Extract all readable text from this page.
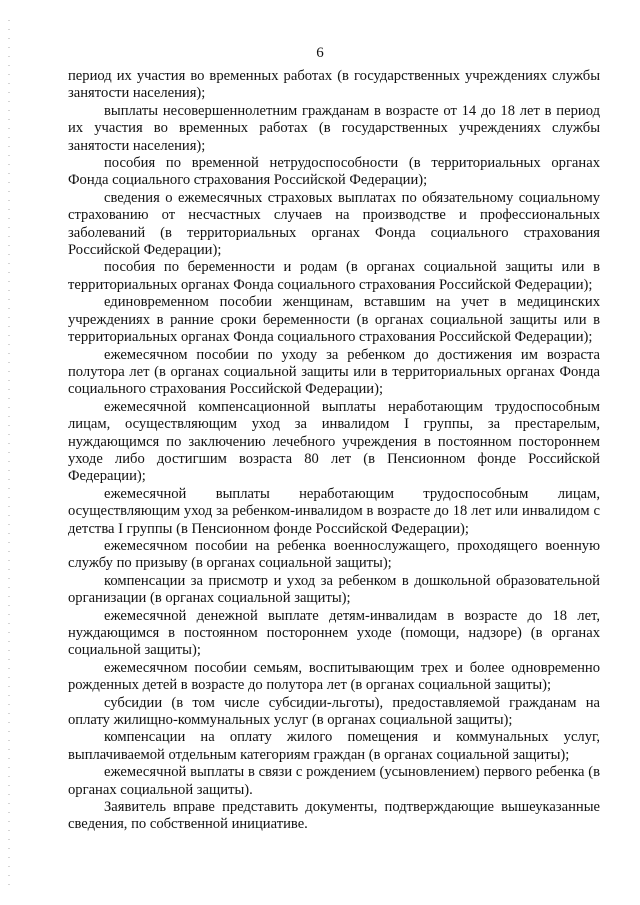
6

период их участия во временных работах (в государственных учреждениях службы занятости населения);

выплаты несовершеннолетним гражданам в возрасте от 14 до 18 лет в период их участия во временных работах (в государственных учреждениях службы занятости населения);

пособия по временной нетрудоспособности (в территориальных органах Фонда социального страхования Российской Федерации);

сведения о ежемесячных страховых выплатах по обязательному социальному страхованию от несчастных случаев на производстве и профессиональных заболеваний (в территориальных органах Фонда социального страхования Российской Федерации);

пособия по беременности и родам (в органах социальной защиты или в территориальных органах Фонда социального страхования Российской Федерации);

единовременном пособии женщинам, вставшим на учет в медицинских учреждениях в ранние сроки беременности (в органах социальной защиты или в территориальных органах Фонда социального страхования Российской Федерации);

ежемесячном пособии по уходу за ребенком до достижения им возраста полутора лет (в органах социальной защиты или в территориальных органах Фонда социального страхования Российской Федерации);

ежемесячной компенсационной выплаты неработающим трудоспособным лицам, осуществляющим уход за инвалидом I группы, за престарелым, нуждающимся по заключению лечебного учреждения в постоянном постороннем уходе либо достигшим возраста 80 лет (в Пенсионном фонде Российской Федерации);

ежемесячной выплаты неработающим трудоспособным лицам, осуществляющим уход за ребенком-инвалидом в возрасте до 18 лет или инвалидом с детства I группы (в Пенсионном фонде Российской Федерации);

ежемесячном пособии на ребенка военнослужащего, проходящего военную службу по призыву (в органах социальной защиты);

компенсации за присмотр и уход за ребенком в дошкольной образовательной организации (в органах социальной защиты);

ежемесячной денежной выплате детям-инвалидам в возрасте до 18 лет, нуждающимся в постоянном постороннем уходе (помощи, надзоре) (в органах социальной защиты);

ежемесячном пособии семьям, воспитывающим трех и более одновременно рожденных детей в возрасте до полутора лет (в органах социальной защиты);

субсидии (в том числе субсидии-льготы), предоставляемой гражданам на оплату жилищно-коммунальных услуг (в органах социальной защиты);

компенсации на оплату жилого помещения и коммунальных услуг, выплачиваемой отдельным категориям граждан (в органах социальной защиты);

ежемесячной выплаты в связи с рождением (усыновлением) первого ребенка (в органах социальной защиты).

Заявитель вправе представить документы, подтверждающие вышеуказанные сведения, по собственной инициативе.
